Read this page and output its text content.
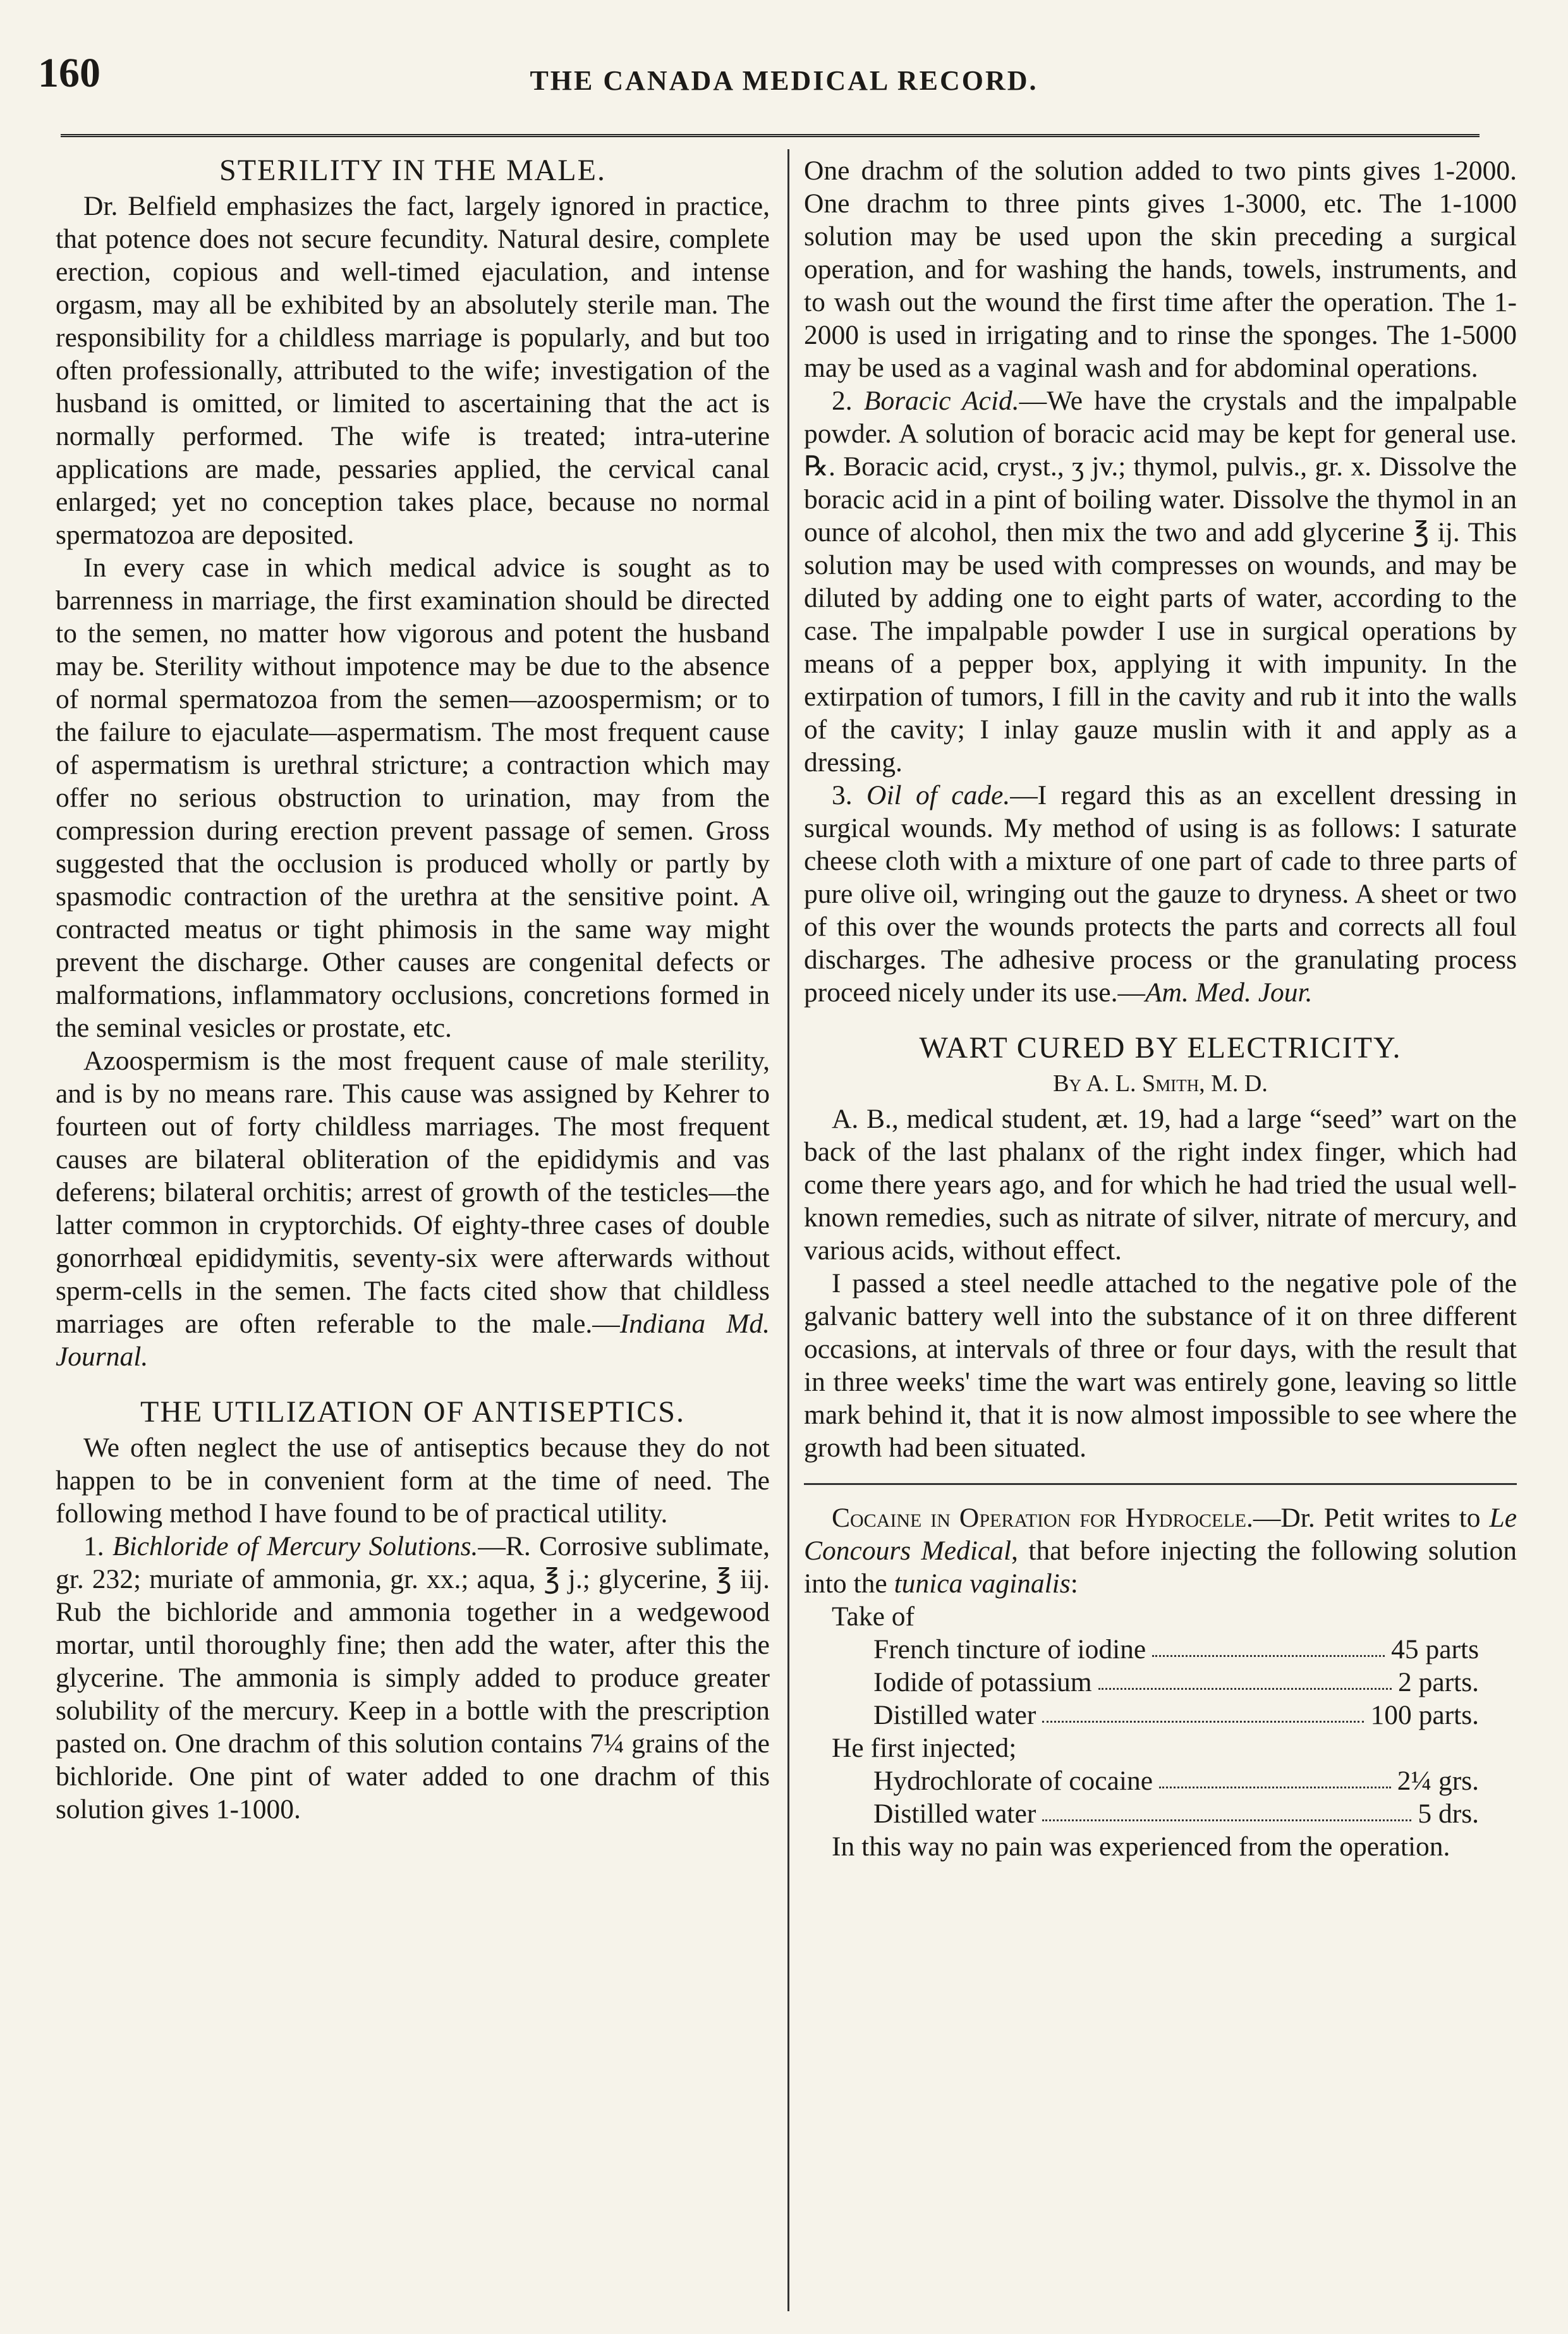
160	THE CANADA MEDICAL RECORD.
STERILITY IN THE MALE.

Dr. Belfield emphasizes the fact, largely ignored in practice, that potence does not secure fecundity. Natural desire, complete erection, copious and well-timed ejaculation, and intense orgasm, may all be exhibited by an absolutely sterile man. The responsibility for a childless marriage is popularly, and but too often professionally, attributed to the wife; investigation of the husband is omitted, or limited to ascertaining that the act is normally performed. The wife is treated; intra-uterine applications are made, pessaries applied, the cervical canal enlarged; yet no conception takes place, because no normal spermatozoa are deposited.

In every case in which medical advice is sought as to barrenness in marriage, the first examination should be directed to the semen, no matter how vigorous and potent the husband may be. Sterility without impotence may be due to the absence of normal spermatozoa from the semen—azoospermism; or to the failure to ejaculate—aspermatism. The most frequent cause of aspermatism is urethral stricture; a contraction which may offer no serious obstruction to urination, may from the compression during erection prevent passage of semen. Gross suggested that the occlusion is produced wholly or partly by spasmodic contraction of the urethra at the sensitive point. A contracted meatus or tight phimosis in the same way might prevent the discharge. Other causes are congenital defects or malformations, inflammatory occlusions, concretions formed in the seminal vesicles or prostate, etc.

Azoospermism is the most frequent cause of male sterility, and is by no means rare. This cause was assigned by Kehrer to fourteen out of forty childless marriages. The most frequent causes are bilateral obliteration of the epididymis and vas deferens; bilateral orchitis; arrest of growth of the testicles—the latter common in cryptorchids. Of eighty-three cases of double gonorrhœal epididymitis, seventy-six were afterwards without sperm-cells in the semen. The facts cited show that childless marriages are often referable to the male.—Indiana Md. Journal.

THE UTILIZATION OF ANTISEPTICS.

We often neglect the use of antiseptics because they do not happen to be in convenient form at the time of need. The following method I have found to be of practical utility.

1. Bichloride of Mercury Solutions.—R. Corrosive sublimate, gr. 232; muriate of ammonia, gr. xx.; aqua, ℥ j.; glycerine, ℥ iij. Rub the bichloride and ammonia together in a wedgewood mortar, until thoroughly fine; then add the water, after this the glycerine. The ammonia is simply added to produce greater solubility of the mercury. Keep in a bottle with the prescription pasted on. One drachm of this solution contains 7¼ grains of the bichloride. One pint of water added to one drachm of this solution gives 1-1000.

One drachm of the solution added to two pints gives 1-2000. One drachm to three pints gives 1-3000, etc. The 1-1000 solution may be used upon the skin preceding a surgical operation, and for washing the hands, towels, instruments, and to wash out the wound the first time after the operation. The 1-2000 is used in irrigating and to rinse the sponges. The 1-5000 may be used as a vaginal wash and for abdominal operations.

2. Boracic Acid.—We have the crystals and the impalpable powder. A solution of boracic acid may be kept for general use. ℞. Boracic acid, cryst., ʒ jv.; thymol, pulvis., gr. x. Dissolve the boracic acid in a pint of boiling water. Dissolve the thymol in an ounce of alcohol, then mix the two and add glycerine ℥ ij. This solution may be used with compresses on wounds, and may be diluted by adding one to eight parts of water, according to the case. The impalpable powder I use in surgical operations by means of a pepper box, applying it with impunity. In the extirpation of tumors, I fill in the cavity and rub it into the walls of the cavity; I inlay gauze muslin with it and apply as a dressing.

3. Oil of cade.—I regard this as an excellent dressing in surgical wounds. My method of using is as follows: I saturate cheese cloth with a mixture of one part of cade to three parts of pure olive oil, wringing out the gauze to dryness. A sheet or two of this over the wounds protects the parts and corrects all foul discharges. The adhesive process or the granulating process proceed nicely under its use.—Am. Med. Jour.

WART CURED BY ELECTRICITY.
By A. L. Smith, M. D.

A. B., medical student, æt. 19, had a large “seed” wart on the back of the last phalanx of the right index finger, which had come there years ago, and for which he had tried the usual well-known remedies, such as nitrate of silver, nitrate of mercury, and various acids, without effect.

I passed a steel needle attached to the negative pole of the galvanic battery well into the substance of it on three different occasions, at intervals of three or four days, with the result that in three weeks' time the wart was entirely gone, leaving so little mark behind it, that it is now almost impossible to see where the growth had been situated.

Cocaine in Operation for Hydrocele.—Dr. Petit writes to Le Concours Medical, that before injecting the following solution into the tunica vaginalis:

Take of
French tincture of iodine	45 parts
Iodide of potassium	2 parts.
Distilled water	100 parts.
He first injected;
Hydrochlorate of cocaine	2¼ grs.
Distilled water	5 drs.

In this way no pain was experienced from the operation.
